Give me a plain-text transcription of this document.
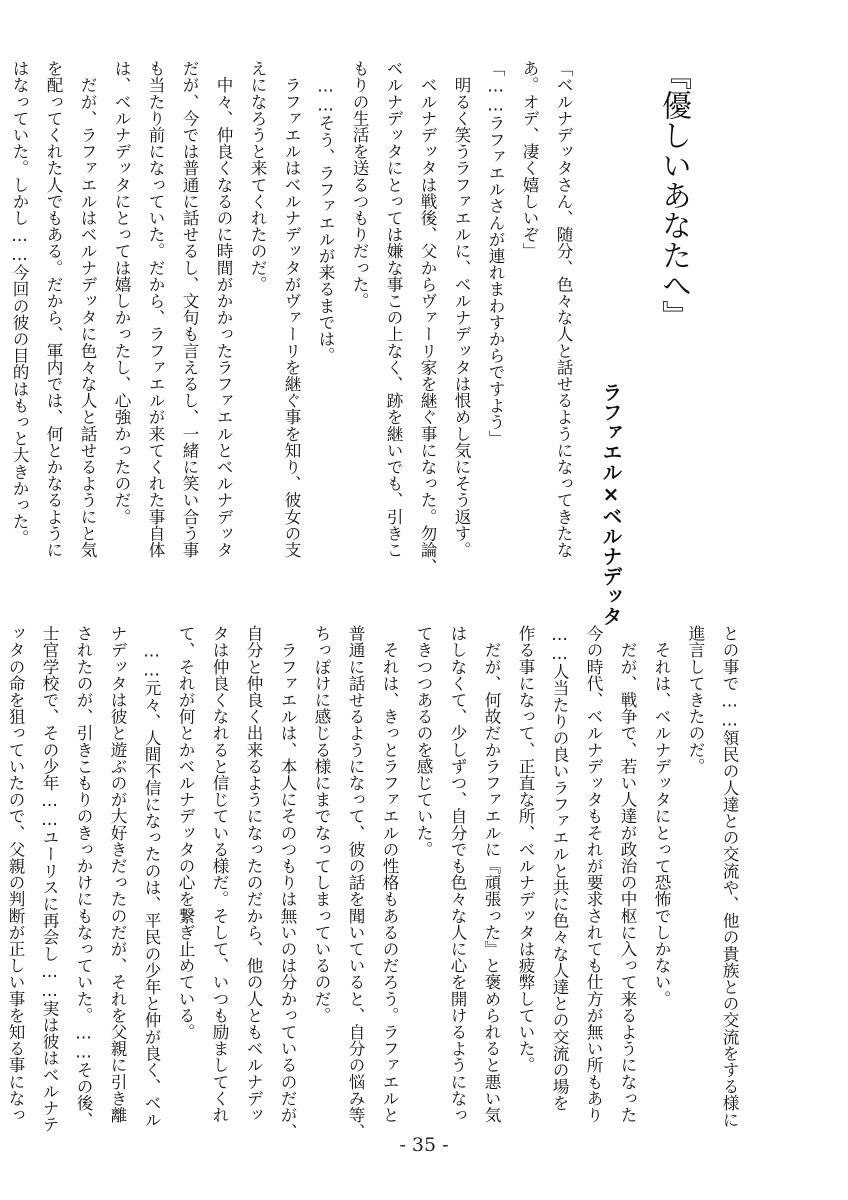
『優しいあなたへ』
ラファエル×ベルナデッタ
「ベルナデッタさん、随分、色々な人と話せるようになってきたな
あ。オデ、凄く嬉しいぞ」
「……ラファエルさんが連れまわすからですよう」
　明るく笑うラファエルに、ベルナデッタは恨めし気にそう返す。
　ベルナデッタは戦後、父からヴァーリ家を継ぐ事になった。勿論、
ベルナデッタにとっては嫌な事この上なく、跡を継いでも、引きこ
もりの生活を送るつもりだった。
　……そう、ラファエルが来るまでは。
　ラファエルはベルナデッタがヴァーリを継ぐ事を知り、彼女の支
えになろうと来てくれたのだ。
　中々、仲良くなるのに時間がかかったラファエルとベルナデッタ
だが、今では普通に話せるし、文句も言えるし、一緒に笑い合う事
も当たり前になっていた。だから、ラファエルが来てくれた事自体
は、ベルナデッタにとっては嬉しかったし、心強かったのだ。
　だが、ラファエルはベルナデッタに色々な人と話せるようにと気
を配ってくれた人でもある。だから、軍内では、何とかなるように
はなっていた。しかし……今回の彼の目的はもっと大きかった。
との事で……領民の人達との交流や、他の貴族との交流をする様に
進言してきたのだ。
　それは、ベルナデッタにとって恐怖でしかない。
　だが、戦争で、若い人達が政治の中枢に入って来るようになった
今の時代、ベルナデッタもそれが要求されても仕方が無い所もあり
……人当たりの良いラファエルと共に色々な人達との交流の場を
作る事になって、正直な所、ベルナデッタは疲弊していた。
　だが、何故だかラファエルに『頑張った』と褒められると悪い気
はしなくて、少しずつ、自分でも色々な人に心を開けるようになっ
てきつつあるのを感じていた。
　それは、きっとラファエルの性格もあるのだろう。ラファエルと
普通に話せるようになって、彼の話を聞いていると、自分の悩み等、
ちっぽけに感じる様にまでなってしまっているのだ。
　ラファエルは、本人にそのつもりは無いのは分かっているのだが、
自分と仲良く出来るようになったのだから、他の人ともベルナデッ
タは仲良くなれると信じている様だ。そして、いつも励ましてくれ
て、それが何とかベルナデッタの心を繋ぎ止めている。
　……元々、人間不信になったのは、平民の少年と仲が良く、ベル
ナデッタは彼と遊ぶのが大好きだったのだが、それを父親に引き離
されたのが、引きこもりのきっかけにもなっていた。……その後、
士官学校で、その少年……ユーリスに再会し……実は彼はベルナテ
ッタの命を狙っていたので、父親の判断が正しい事を知る事になっ
- 35 -
